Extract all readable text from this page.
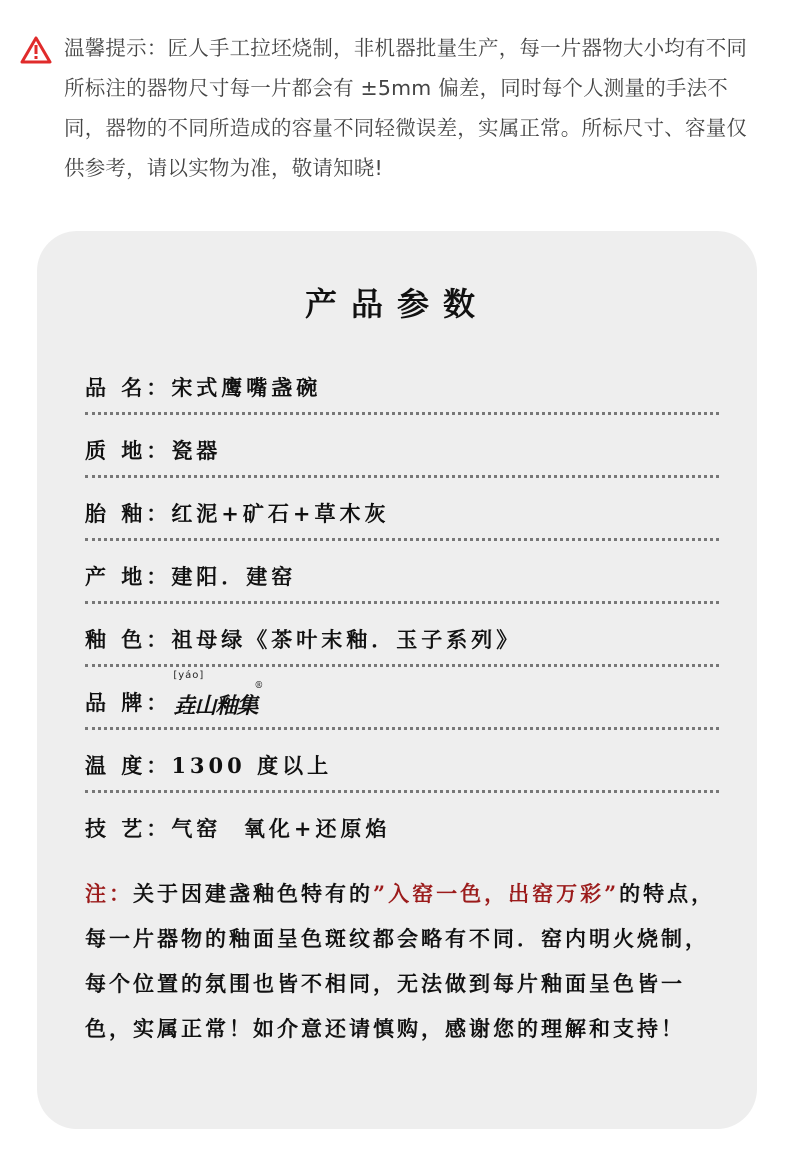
温馨提示：匠人手工拉坯烧制，非机器批量生产，每一片器物大小均有不同所标注的器物尺寸每一片都会有 ±5mm 偏差，同时每个人测量的手法不同，器物的不同所造成的容量不同轻微误差，实属正常。所标尺寸、容量仅供参考，请以实物为准，敬请知晓!
产品参数
品 名：宋式鹰嘴盏碗
质 地：瓷器
胎 釉：红泥+矿石+草木灰
产 地：建阳．建窑
釉 色：祖母绿《茶叶末釉．玉子系列》
品 牌：
[yáo]
垚山釉集
®
温 度：1300 度以上
技 艺：气窑  氧化+还原焰
注：关于因建盏釉色特有的”入窑一色，出窑万彩”的特点，每一片器物的釉面呈色斑纹都会略有不同．窑内明火烧制，每个位置的氛围也皆不相同，无法做到每片釉面呈色皆一色，实属正常！如介意还请慎购，感谢您的理解和支持！
